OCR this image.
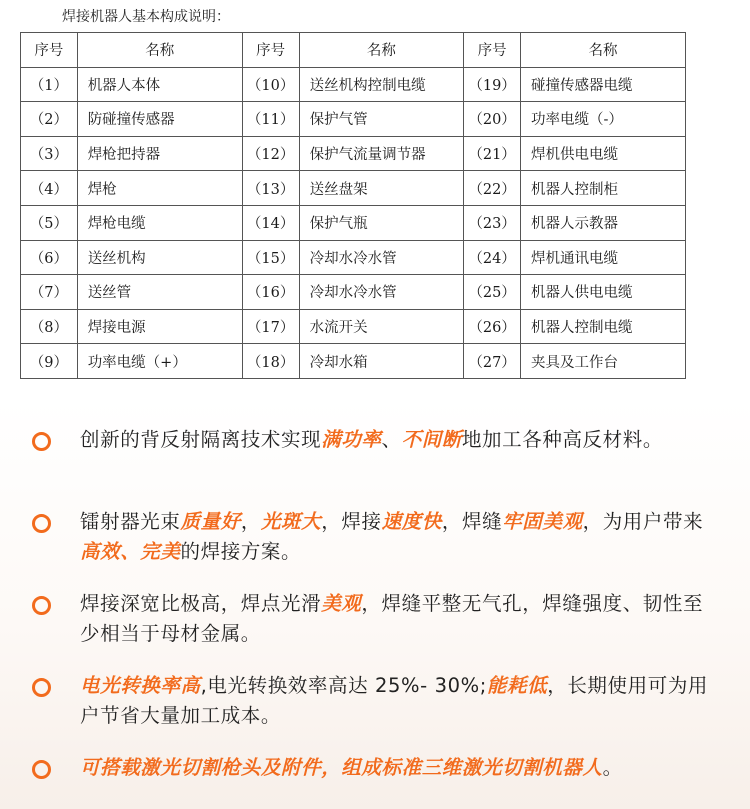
焊接机器人基本构成说明：
序号	名称	序号	名称	序号	名称
（1）	机器人本体	（10）	送丝机构控制电缆	（19）	碰撞传感器电缆
（2）	防碰撞传感器	（11）	保护气管	（20）	功率电缆（-）
（3）	焊枪把持器	（12）	保护气流量调节器	（21）	焊机供电电缆
（4）	焊枪	（13）	送丝盘架	（22）	机器人控制柜
（5）	焊枪电缆	（14）	保护气瓶	（23）	机器人示教器
（6）	送丝机构	（15）	冷却水冷水管	（24）	焊机通讯电缆
（7）	送丝管	（16）	冷却水冷水管	（25）	机器人供电电缆
（8）	焊接电源	（17）	水流开关	（26）	机器人控制电缆
（9）	功率电缆（+）	（18）	冷却水箱	（27）	夹具及工作台
创新的背反射隔离技术实现满功率、不间断地加工各种高反材料。
镭射器光束质量好，光斑大，焊接速度快，焊缝牢固美观，为用户带来高效、完美的焊接方案。
焊接深宽比极高，焊点光滑美观，焊缝平整无气孔，焊缝强度、韧性至少相当于母材金属。
电光转换率高,电光转换效率高达 25%- 30%;能耗低，长期使用可为用户节省大量加工成本。
可搭载激光切割枪头及附件，组成标准三维激光切割机器人。
